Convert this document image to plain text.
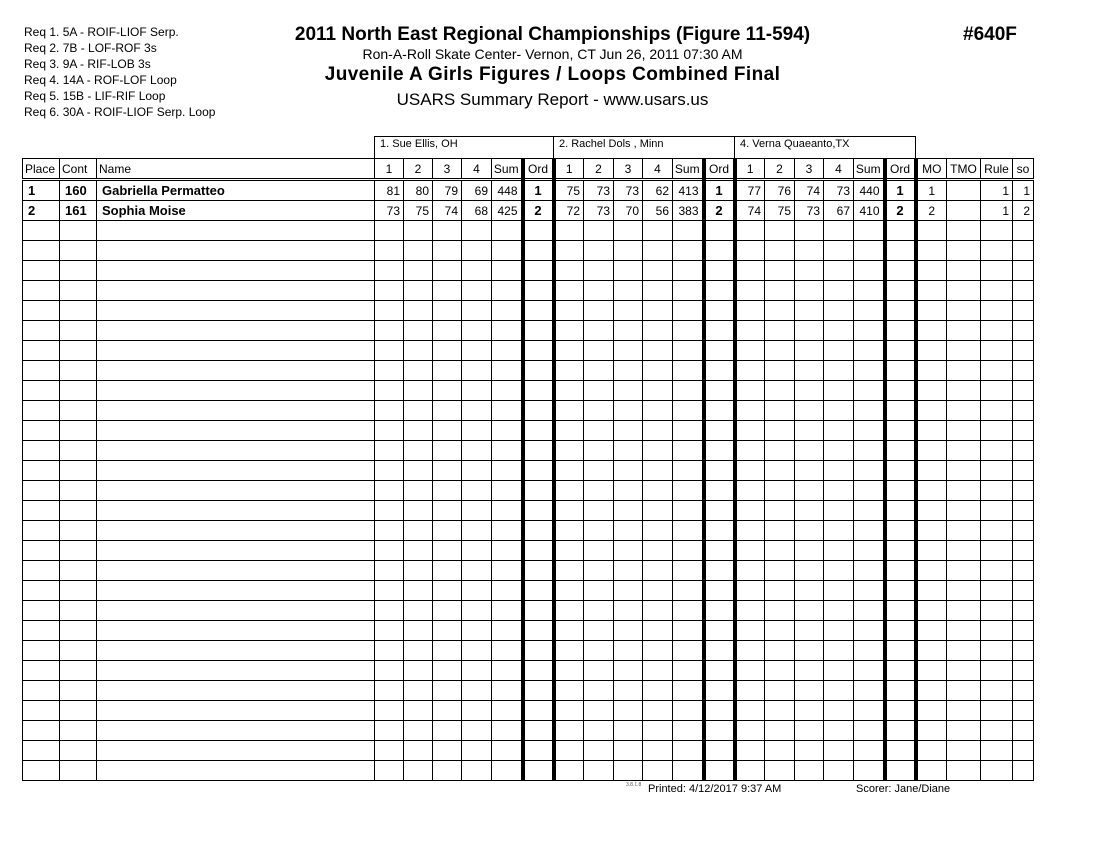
Req 1. 5A - ROIF-LIOF Serp.
Req 2. 7B - LOF-ROF 3s
Req 3. 9A - RIF-LOB 3s
Req 4. 14A - ROF-LOF Loop
Req 5. 15B - LIF-RIF Loop
Req 6. 30A - ROIF-LIOF Serp. Loop
2011 North East Regional Championships (Figure 11-594)
Ron-A-Roll Skate Center- Vernon, CT Jun 26, 2011 07:30 AM
Juvenile A Girls Figures / Loops Combined Final
USARS Summary Report - www.usars.us
#640F
1. Sue Ellis, OH	2. Rachel Dols , Minn	4. Verna Quaeanto,TX
Place	Cont	Name	1	2	3	4	Sum	Ord	1	2	3	4	Sum	Ord	1	2	3	4	Sum	Ord	MO	TMO	Rule	so
1	160	Gabriella Permatteo	81	80	79	69	448	1	75	73	73	62	413	1	77	76	74	73	440	1	1		1	1
2	161	Sophia Moise	73	75	74	68	425	2	72	73	70	56	383	2	74	75	73	67	410	2	2		1	2

3.8.1.8 Printed: 4/12/2017 9:37 AM	Scorer: Jane/Diane
